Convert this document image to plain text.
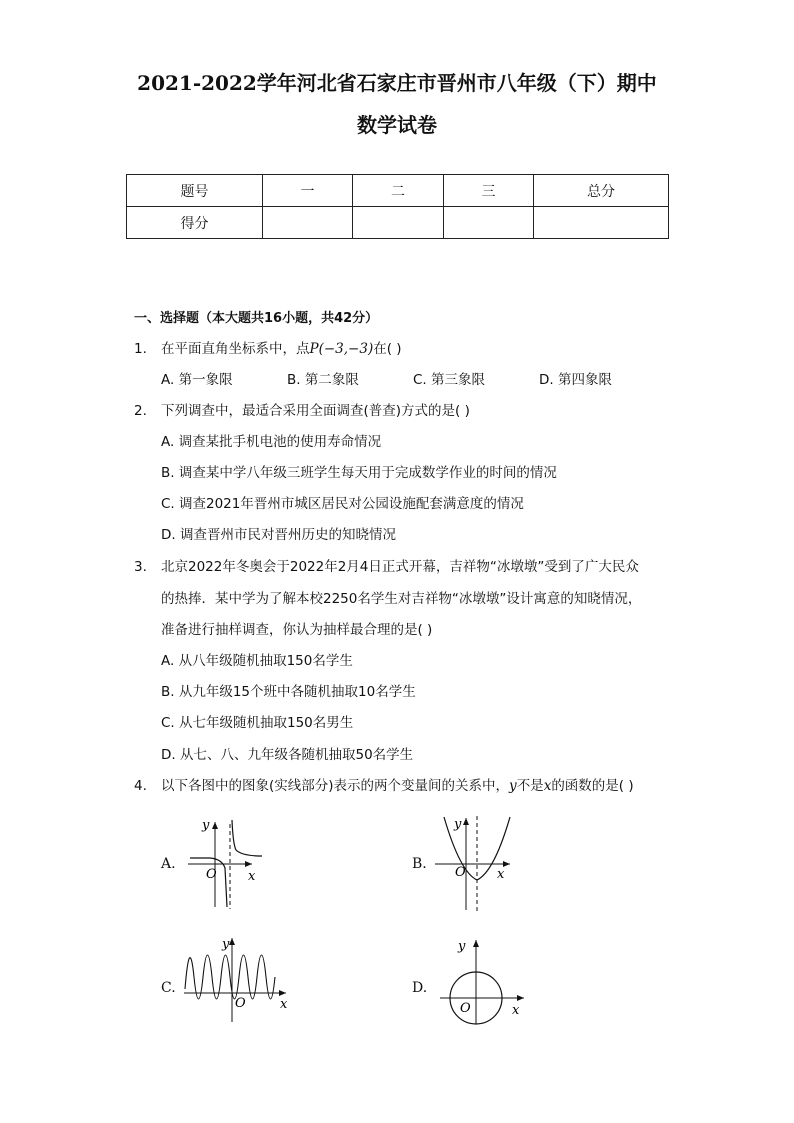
2021-2022学年河北省石家庄市晋州市八年级（下）期中
数学试卷
题号	一	二	三	总分
得分				
一、选择题（本大题共16小题，共42分）
1. 在平面直角坐标系中，点P(−3,−3)在( )
A. 第一象限	B. 第二象限	C. 第三象限	D. 第四象限
2. 下列调查中，最适合采用全面调查(普查)方式的是( )
A. 调查某批手机电池的使用寿命情况
B. 调查某中学八年级三班学生每天用于完成数学作业的时间的情况
C. 调查2021年晋州市城区居民对公园设施配套满意度的情况
D. 调查晋州市民对晋州历史的知晓情况
3. 北京2022年冬奥会于2022年2月4日正式开幕，吉祥物“冰墩墩”受到了广大民众
的热捧．某中学为了解本校2250名学生对吉祥物“冰墩墩”设计寓意的知晓情况，
准备进行抽样调查，你认为抽样最合理的是( )
A. 从八年级随机抽取150名学生
B. 从九年级15个班中各随机抽取10名学生
C. 从七年级随机抽取150名男生
D. 从七、八、九年级各随机抽取50名学生
4. 以下各图中的图象(实线部分)表示的两个变量间的关系中，y不是x的函数的是( )
A.	B.
C.	D.
y
O x
y
O x
y
O	x
y
O	x
